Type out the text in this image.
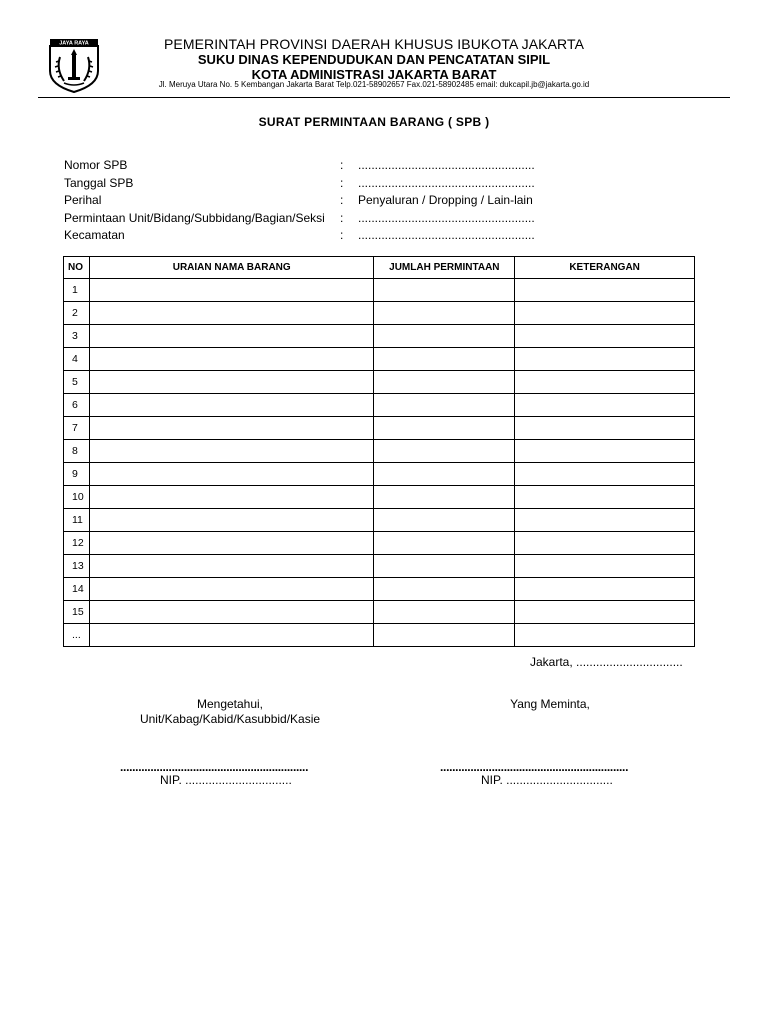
JAYA RAYA	PEMERINTAH PROVINSI DAERAH KHUSUS IBUKOTA JAKARTA
SUKU DINAS KEPENDUDUKAN DAN PENCATATAN SIPIL
KOTA ADMINISTRASI JAKARTA BARAT
Jl. Meruya Utara No. 5 Kembangan Jakarta Barat Telp.021-58902657 Fax.021-58902485 email: dukcapil.jb@jakarta.go.id
SURAT PERMINTAAN BARANG ( SPB )
Nomor SPB	: .....................................................
Tanggal SPB	: .....................................................
Perihal	: Penyaluran / Dropping / Lain-lain
Permintaan Unit/Bidang/Subbidang/Bagian/Seksi : .....................................................
Kecamatan	: .....................................................
NO	URAIAN NAMA BARANG	JUMLAH PERMINTAAN	KETERANGAN
1			
2			
3			
4			
5			
6			
7			
8			
9			
10			
11			
12			
13			
14			
15			
...			
Jakarta, ................................
Mengetahui,
Unit/Kabag/Kabid/Kasubbid/Kasie
Yang Meminta,
..............................................................	..............................................................
NIP. ................................	NIP. ................................
